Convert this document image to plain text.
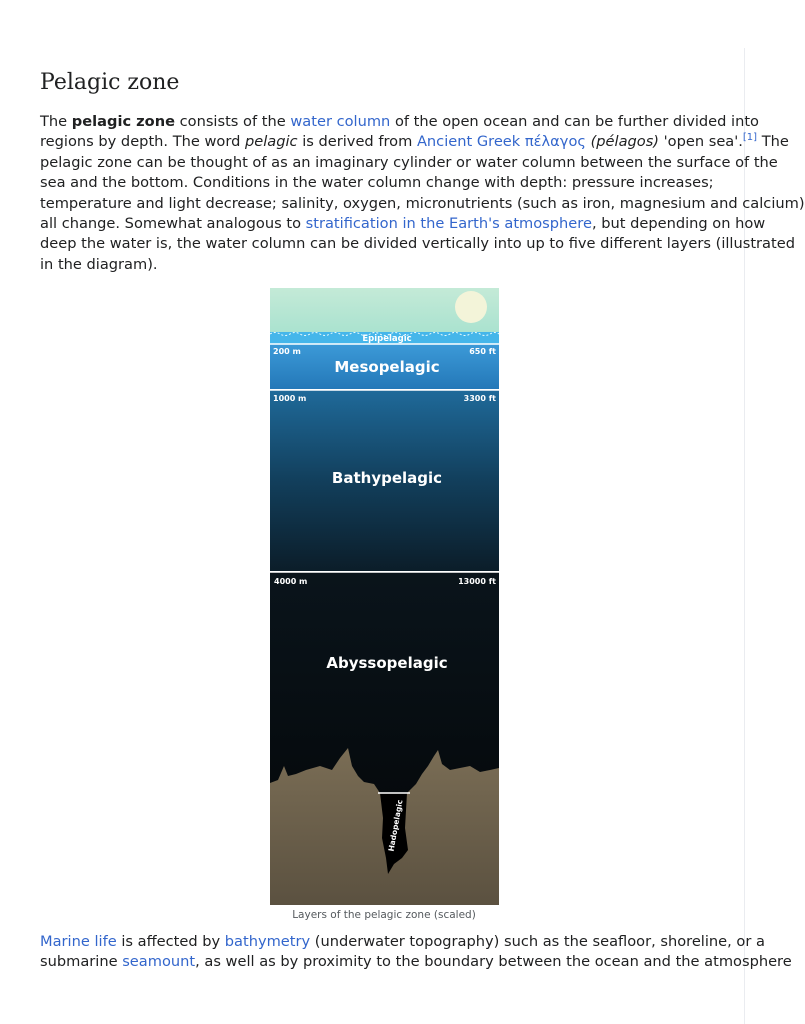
Pelagic zone
The pelagic zone consists of the water column of the open ocean and can be further divided into
regions by depth. The word pelagic is derived from Ancient Greek πέλαγος (pélagos) 'open sea'.[1] The
pelagic zone can be thought of as an imaginary cylinder or water column between the surface of the
sea and the bottom. Conditions in the water column change with depth: pressure increases;
temperature and light decrease; salinity, oxygen, micronutrients (such as iron, magnesium and calcium)
all change. Somewhat analogous to stratification in the Earth's atmosphere, but depending on how
deep the water is, the water column can be divided vertically into up to five different layers (illustrated
in the diagram).
Epipelagic
200 m	650 ft
Mesopelagic
1000 m	3300 ft
Bathypelagic
4000 m	13000 ft
Abyssopelagic
Hadopelagic
Layers of the pelagic zone (scaled)
Marine life is affected by bathymetry (underwater topography) such as the seafloor, shoreline, or a
submarine seamount, as well as by proximity to the boundary between the ocean and the atmosphere
